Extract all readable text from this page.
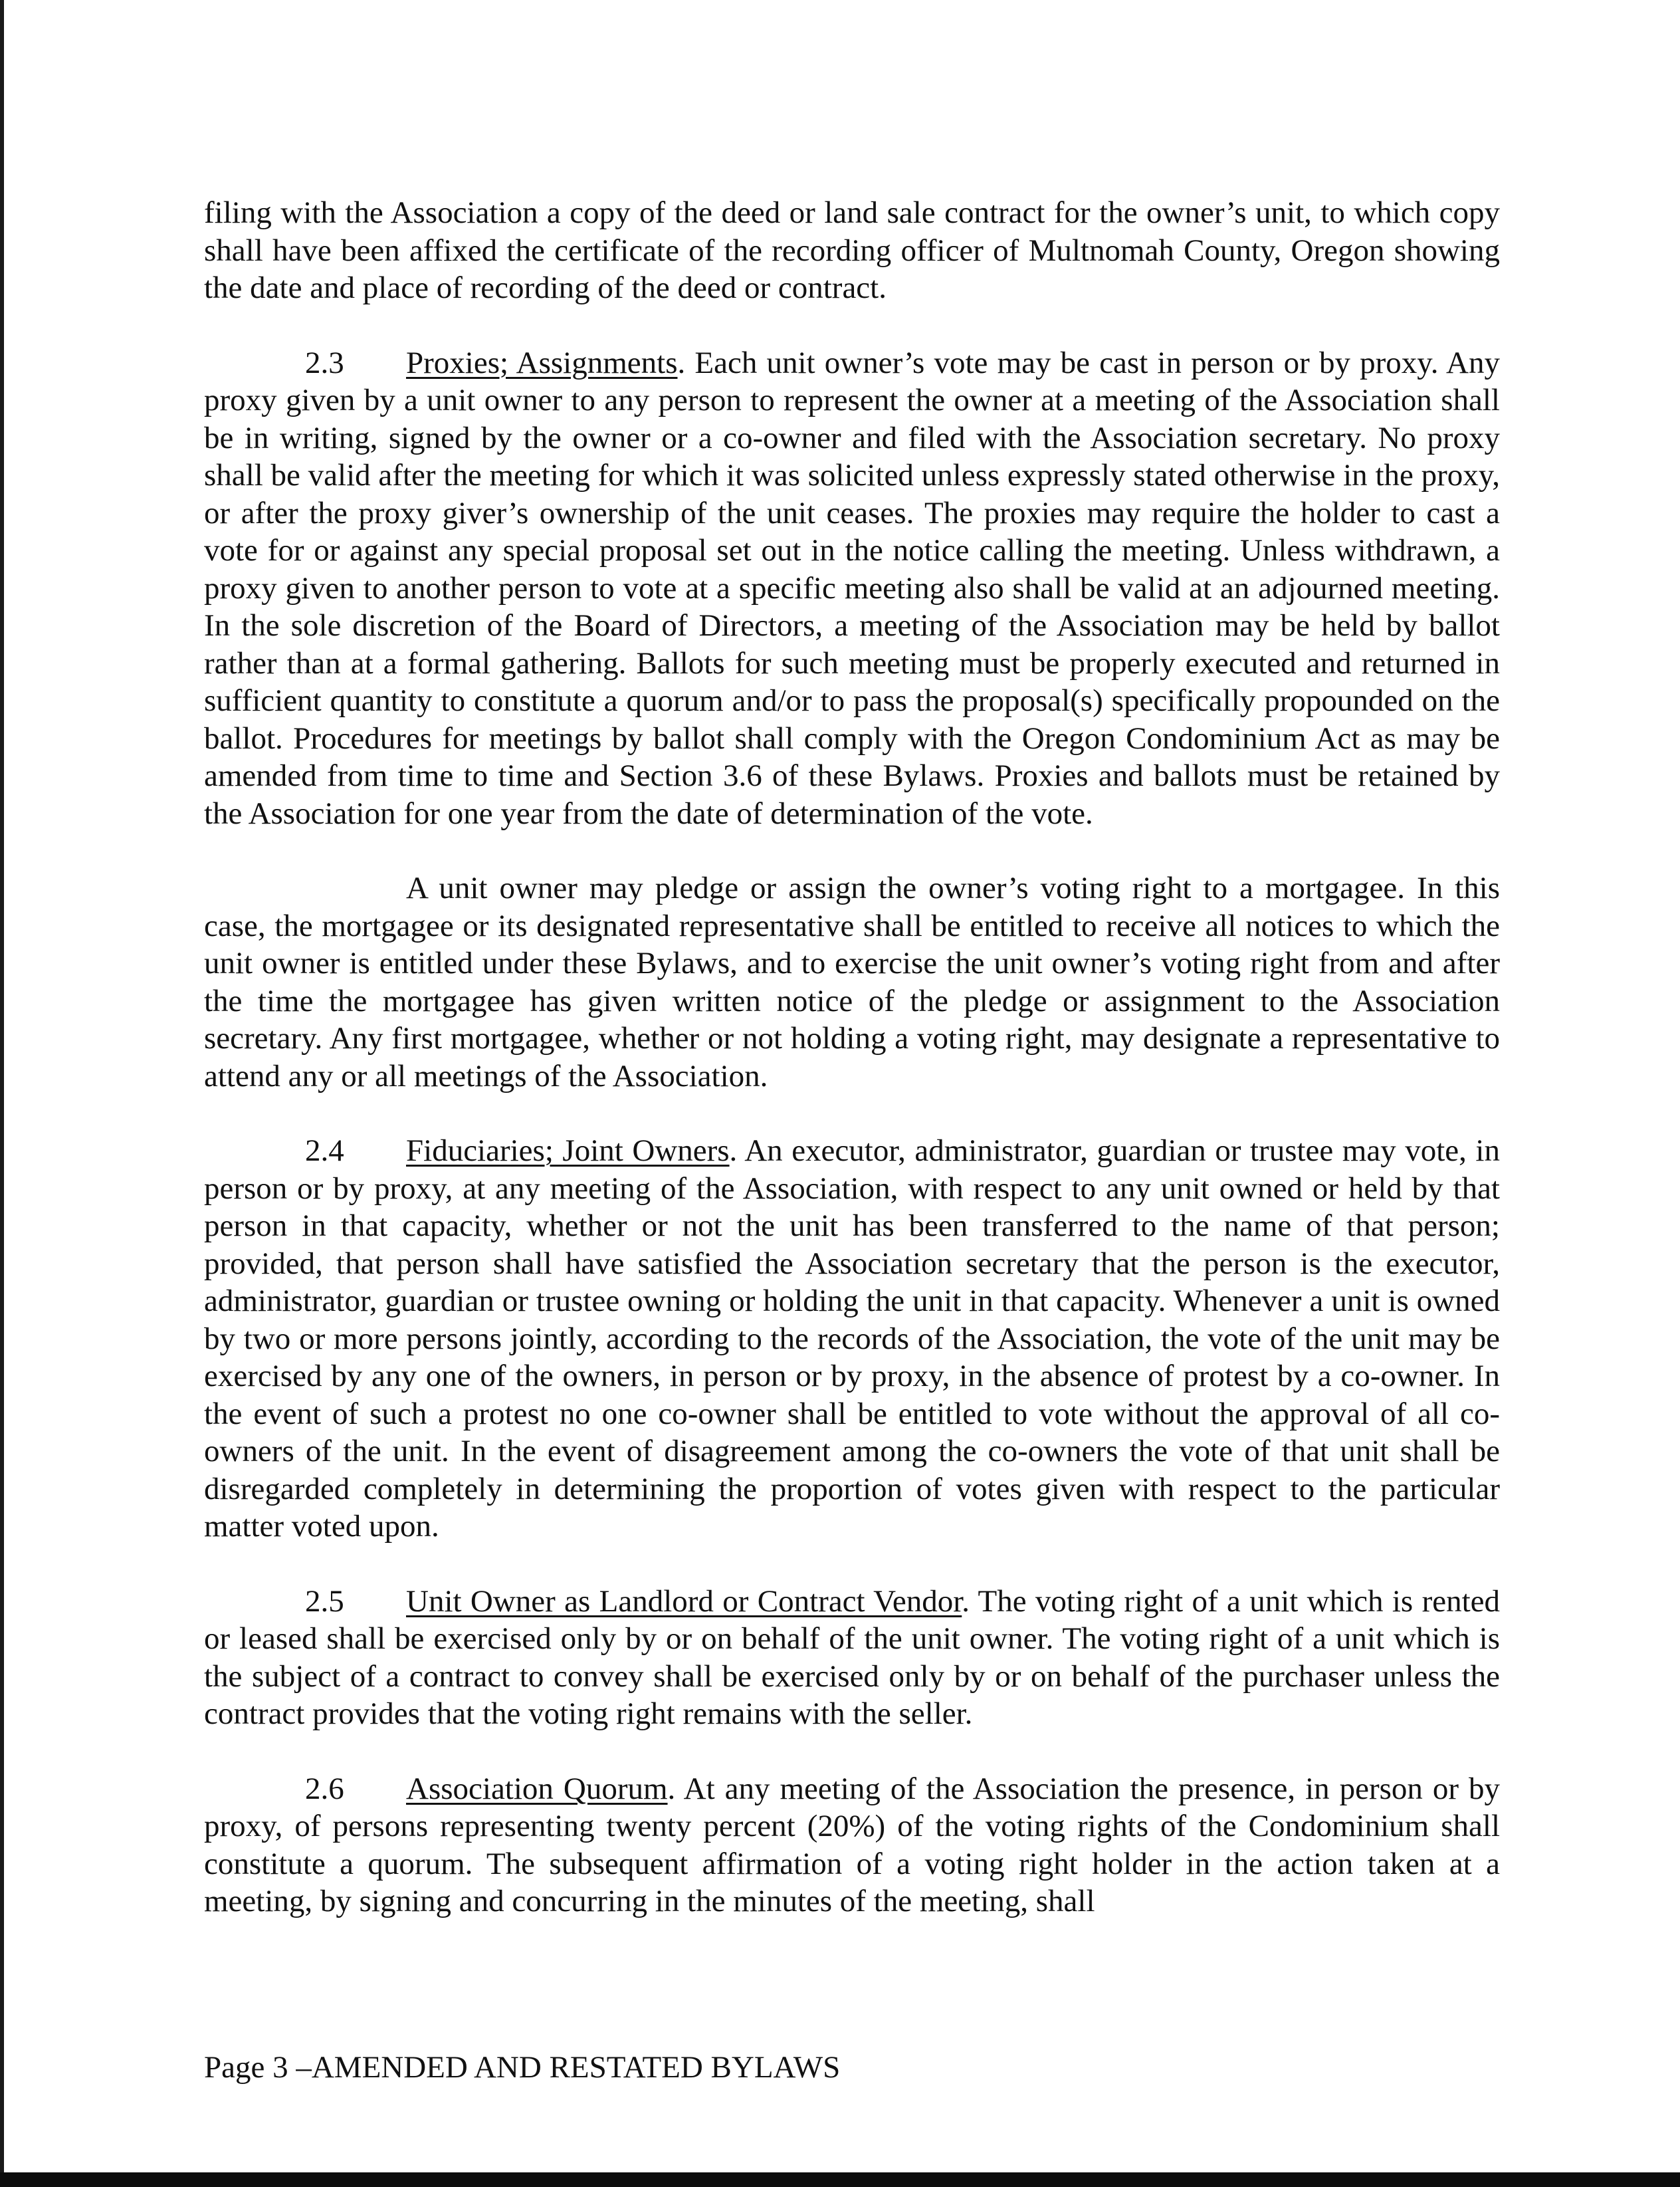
filing with the Association a copy of the deed or land sale contract for the owner’s unit, to which copy shall have been affixed the certificate of the recording officer of Multnomah County, Oregon showing the date and place of recording of the deed or contract.

2.3 Proxies; Assignments. Each unit owner’s vote may be cast in person or by proxy. Any proxy given by a unit owner to any person to represent the owner at a meeting of the Association shall be in writing, signed by the owner or a co-owner and filed with the Association secretary. No proxy shall be valid after the meeting for which it was solicited unless expressly stated otherwise in the proxy, or after the proxy giver’s ownership of the unit ceases. The proxies may require the holder to cast a vote for or against any special proposal set out in the notice calling the meeting. Unless withdrawn, a proxy given to another person to vote at a specific meeting also shall be valid at an adjourned meeting. In the sole discretion of the Board of Directors, a meeting of the Association may be held by ballot rather than at a formal gathering. Ballots for such meeting must be properly executed and returned in sufficient quantity to constitute a quorum and/or to pass the proposal(s) specifically propounded on the ballot. Procedures for meetings by ballot shall comply with the Oregon Condominium Act as may be amended from time to time and Section 3.6 of these Bylaws. Proxies and ballots must be retained by the Association for one year from the date of determination of the vote.

A unit owner may pledge or assign the owner’s voting right to a mortgagee. In this case, the mortgagee or its designated representative shall be entitled to receive all notices to which the unit owner is entitled under these Bylaws, and to exercise the unit owner’s voting right from and after the time the mortgagee has given written notice of the pledge or assignment to the Association secretary. Any first mortgagee, whether or not holding a voting right, may designate a representative to attend any or all meetings of the Association.

2.4 Fiduciaries; Joint Owners. An executor, administrator, guardian or trustee may vote, in person or by proxy, at any meeting of the Association, with respect to any unit owned or held by that person in that capacity, whether or not the unit has been transferred to the name of that person; provided, that person shall have satisfied the Association secretary that the person is the executor, administrator, guardian or trustee owning or holding the unit in that capacity. Whenever a unit is owned by two or more persons jointly, according to the records of the Association, the vote of the unit may be exercised by any one of the owners, in person or by proxy, in the absence of protest by a co-owner. In the event of such a protest no one co-owner shall be entitled to vote without the approval of all co-owners of the unit. In the event of disagreement among the co-owners the vote of that unit shall be disregarded completely in determining the proportion of votes given with respect to the particular matter voted upon.

2.5 Unit Owner as Landlord or Contract Vendor. The voting right of a unit which is rented or leased shall be exercised only by or on behalf of the unit owner. The voting right of a unit which is the subject of a contract to convey shall be exercised only by or on behalf of the purchaser unless the contract provides that the voting right remains with the seller.

2.6 Association Quorum. At any meeting of the Association the presence, in person or by proxy, of persons representing twenty percent (20%) of the voting rights of the Condominium shall constitute a quorum. The subsequent affirmation of a voting right holder in the action taken at a meeting, by signing and concurring in the minutes of the meeting, shall

Page 3 –AMENDED AND RESTATED BYLAWS
